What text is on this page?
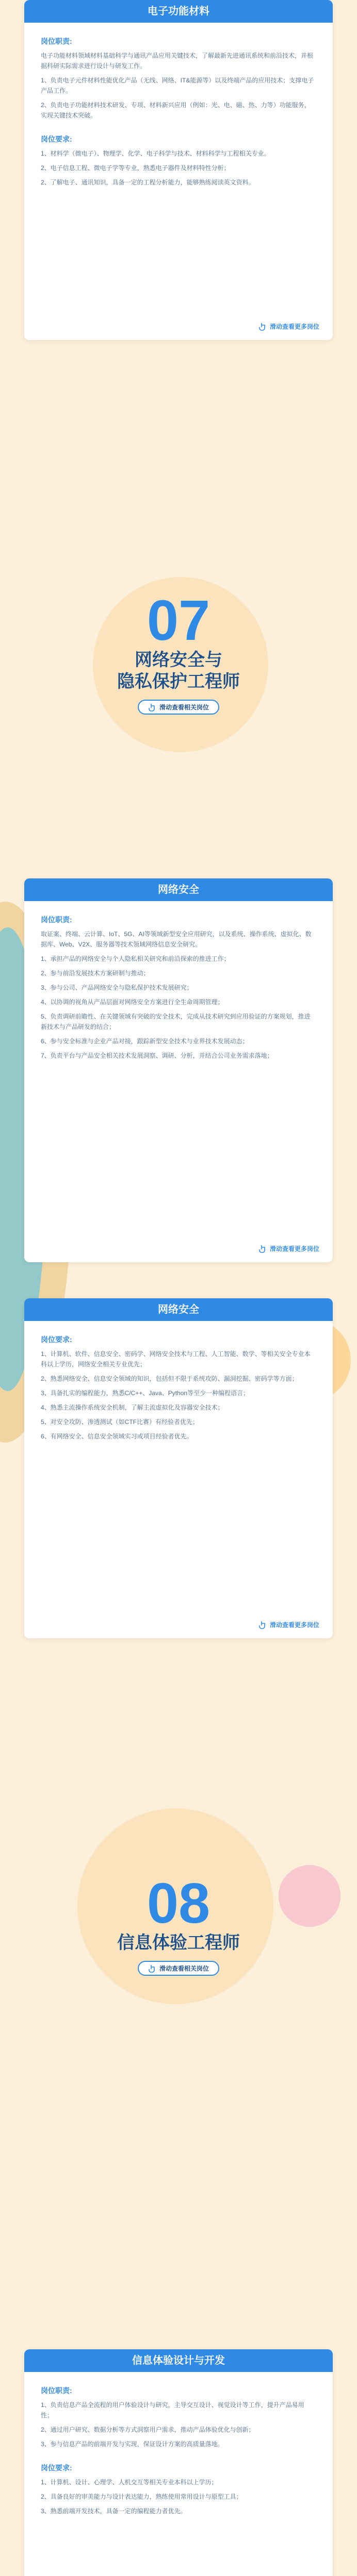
电子功能材料
岗位职责:

电子功能材料领域材料基础科学与通讯产品应用关键技术，了解最新先进通讯系统和前沿技术，并根据科研实际需求进行设计与研发工作。

1、负责电子元件材料性能优化产品（无线、网络、IT&能源等）以及终端产品的应用技术；支撑电子产品工作。

2、负责电子功能材料技术研发、专项、材料新兴应用（例如：光、电、磁、热、力等）功能服务，实现关键技术突破。

岗位要求:

1、材料学（微电子）、物理学、化学、电子科学与技术、材料科学与工程相关专业。

2、电子信息工程、微电子学等专业，熟悉电子器件及材料特性分析；

2、了解电子、通讯知识，具备一定的工程分析能力，能够熟练阅读英文资料。

滑动查看更多岗位
07
网络安全与
隐私保护工程师
滑动查看相关岗位
网络安全
岗位职责:

取证案、终端、云计算、IoT、5G、AI等领域新型安全应用研究，以及系统、操作系统、虚拟化、数据库、Web、V2X、服务器等技术领域网络信息安全研究。

1、承担产品的网络安全与个人隐私相关研究和前沿探索的推进工作；

2、参与前沿发展技术方案研制与推动；

3、参与公司、产品网络安全与隐私保护技术发展研究；

4、以协调的视角从产品层面对网络安全方案进行全生命周期管理；

5、负责调研前瞻性、在关键领域有突破的安全技术，完成从技术研究到应用验证的方案规划，推进新技术与产品研发的结合；

6、参与安全标准与企业产品对接，跟踪新型安全技术与业界技术发展动态；

7、负责平台与产品安全相关技术发展洞察、调研、分析，并结合公司业务需求落地；

滑动查看更多岗位
网络安全
岗位要求:

1、计算机、软件、信息安全、密码学、网络安全技术与工程、人工智能、数学、等相关安全专业本科以上学历，网络安全相关专业优先；

2、熟悉网络安全、信息安全领域的知识，包括但不限于系统攻防、漏洞挖掘、密码学等方面；

3、具备扎实的编程能力，熟悉C/C++、Java、Python等至少一种编程语言；

4、熟悉主流操作系统安全机制，了解主流虚拟化及容器安全技术；

5、对安全攻防、渗透测试（如CTF比赛）有经验者优先；

6、有网络安全、信息安全领域实习或项目经验者优先。

滑动查看更多岗位
08
信息体验工程师
滑动查看相关岗位
信息体验设计与开发
岗位职责:

1、负责信息产品全流程的用户体验设计与研究，主导交互设计、视觉设计等工作，提升产品易用性；

2、通过用户研究、数据分析等方式洞察用户需求，推动产品体验优化与创新；

3、参与信息产品的前端开发与实现，保证设计方案的高质量落地。

岗位要求:

1、计算机、设计、心理学、人机交互等相关专业本科以上学历；

2、具备良好的审美能力与设计表达能力，熟练使用常用设计与原型工具；

3、熟悉前端开发技术，具备一定的编程能力者优先。
